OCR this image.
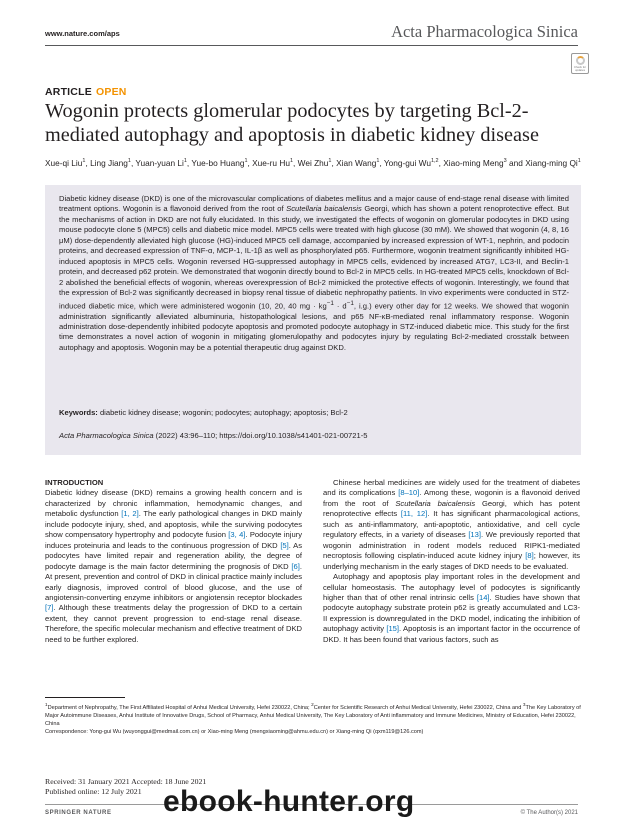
www.nature.com/aps	Acta Pharmacologica Sinica
Check for updates
ARTICLE OPEN
Wogonin protects glomerular podocytes by targeting Bcl-2-mediated autophagy and apoptosis in diabetic kidney disease
Xue-qi Liu$^1$, Ling Jiang$^1$, Yuan-yuan Li$^1$, Yue-bo Huang$^1$, Xue-ru Hu$^1$, Wei Zhu$^1$, Xian Wang$^1$, Yong-gui Wu$^{1,2}$, Xiao-ming Meng$^3$ and Xiang-ming Qi$^1$
Diabetic kidney disease (DKD) is one of the microvascular complications of diabetes mellitus and a major cause of end-stage renal disease with limited treatment options. Wogonin is a flavonoid derived from the root of Scutellaria baicalensis Georgi, which has shown a potent renoprotective effect. But the mechanisms of action in DKD are not fully elucidated. In this study, we investigated the effects of wogonin on glomerular podocytes in DKD using mouse podocyte clone 5 (MPC5) cells and diabetic mice model. MPC5 cells were treated with high glucose (30 mM). We showed that wogonin (4, 8, 16 μM) dose-dependently alleviated high glucose (HG)-induced MPC5 cell damage, accompanied by increased expression of WT-1, nephrin, and podocin proteins, and decreased expression of TNF-α, MCP-1, IL-1β as well as phosphorylated p65. Furthermore, wogonin treatment significantly inhibited HG-induced apoptosis in MPC5 cells. Wogonin reversed HG-suppressed autophagy in MPC5 cells, evidenced by increased ATG7, LC3-II, and Beclin-1 protein, and decreased p62 protein. We demonstrated that wogonin directly bound to Bcl-2 in MPC5 cells. In HG-treated MPC5 cells, knockdown of Bcl-2 abolished the beneficial effects of wogonin, whereas overexpression of Bcl-2 mimicked the protective effects of wogonin. Interestingly, we found that the expression of Bcl-2 was significantly decreased in biopsy renal tissue of diabetic nephropathy patients. In vivo experiments were conducted in STZ-induced diabetic mice, which were administered wogonin (10, 20, 40 mg · $kg^{-1} \cdot d^{-1}$, i.g.) every other day for 12 weeks. We showed that wogonin administration significantly alleviated albuminuria, histopathological lesions, and p65 NF-κB-mediated renal inflammatory response. Wogonin administration dose-dependently inhibited podocyte apoptosis and promoted podocyte autophagy in STZ-induced diabetic mice. This study for the first time demonstrates a novel action of wogonin in mitigating glomerulopathy and podocytes injury by regulating Bcl-2-mediated crosstalk between autophagy and apoptosis. Wogonin may be a potential therapeutic drug against DKD.
Keywords: diabetic kidney disease; wogonin; podocytes; autophagy; apoptosis; Bcl-2
Acta Pharmacologica Sinica (2022) 43:96–110; https://doi.org/10.1038/s41401-021-00721-5
INTRODUCTION
Diabetic kidney disease (DKD) remains a growing health concern and is characterized by chronic inflammation, hemodynamic changes, and metabolic dysfunction [1, 2]. The early pathological changes in DKD mainly include podocyte injury, shed, and apoptosis, while the surviving podocytes show compensatory hypertrophy and podocyte fusion [3, 4]. Podocyte injury induces proteinuria and leads to the continuous progression of DKD [5]. As podocytes have limited repair and regeneration ability, the degree of podocyte damage is the main factor determining the prognosis of DKD [6]. At present, prevention and control of DKD in clinical practice mainly includes early diagnosis, improved control of blood glucose, and the use of angiotensin-converting enzyme inhibitors or angiotensin receptor blockades [7]. Although these treatments delay the progression of DKD to a certain extent, they cannot prevent progression to end-stage renal disease. Therefore, the specific molecular mechanism and effective treatment of DKD need to be further explored.
Chinese herbal medicines are widely used for the treatment of diabetes and its complications [8–10]. Among these, wogonin is a flavonoid derived from the root of Scutellaria baicalensis Georgi, which has potent renoprotective effects [11, 12]. It has significant pharmacological actions, such as anti-inflammatory, anti-apoptotic, antioxidative, and cell cycle regulatory effects, in a variety of diseases [13]. We previously reported that wogonin administration in rodent models reduced RIPK1-mediated necroptosis following cisplatin-induced acute kidney injury [8]; however, its underlying mechanism in the early stages of DKD needs to be evaluated.
Autophagy and apoptosis play important roles in the development and cellular homeostasis. The autophagy level of podocytes is significantly higher than that of other renal intrinsic cells [14]. Studies have shown that podocyte autophagy substrate protein p62 is greatly accumulated and LC3-II expression is downregulated in the DKD model, indicating the inhibition of autophagy activity [15]. Apoptosis is an important factor in the occurrence of DKD. It has been found that various factors, such as
$^1$Department of Nephropathy, The First Affiliated Hospital of Anhui Medical University, Hefei 230022, China; $^2$Center for Scientific Research of Anhui Medical University, Hefei 230022, China and $^3$The Key Laboratory of Major Autoimmune Diseases, Anhui Institute of Innovative Drugs, School of Pharmacy, Anhui Medical University, The Key Laboratory of Anti inflammatory and Immune Medicines, Ministry of Education, Hefei 230022, China
Correspondence: Yong-gui Wu (wuyonggui@medmail.com.cn) or Xiao-ming Meng (mengxiaoming@ahmu.edu.cn) or Xiang-ming Qi (qxm119@126.com)
Received: 31 January 2021 Accepted: 18 June 2021
Published online: 12 July 2021
SPRINGER NATURE	© The Author(s) 2021
ebook-hunter.org
